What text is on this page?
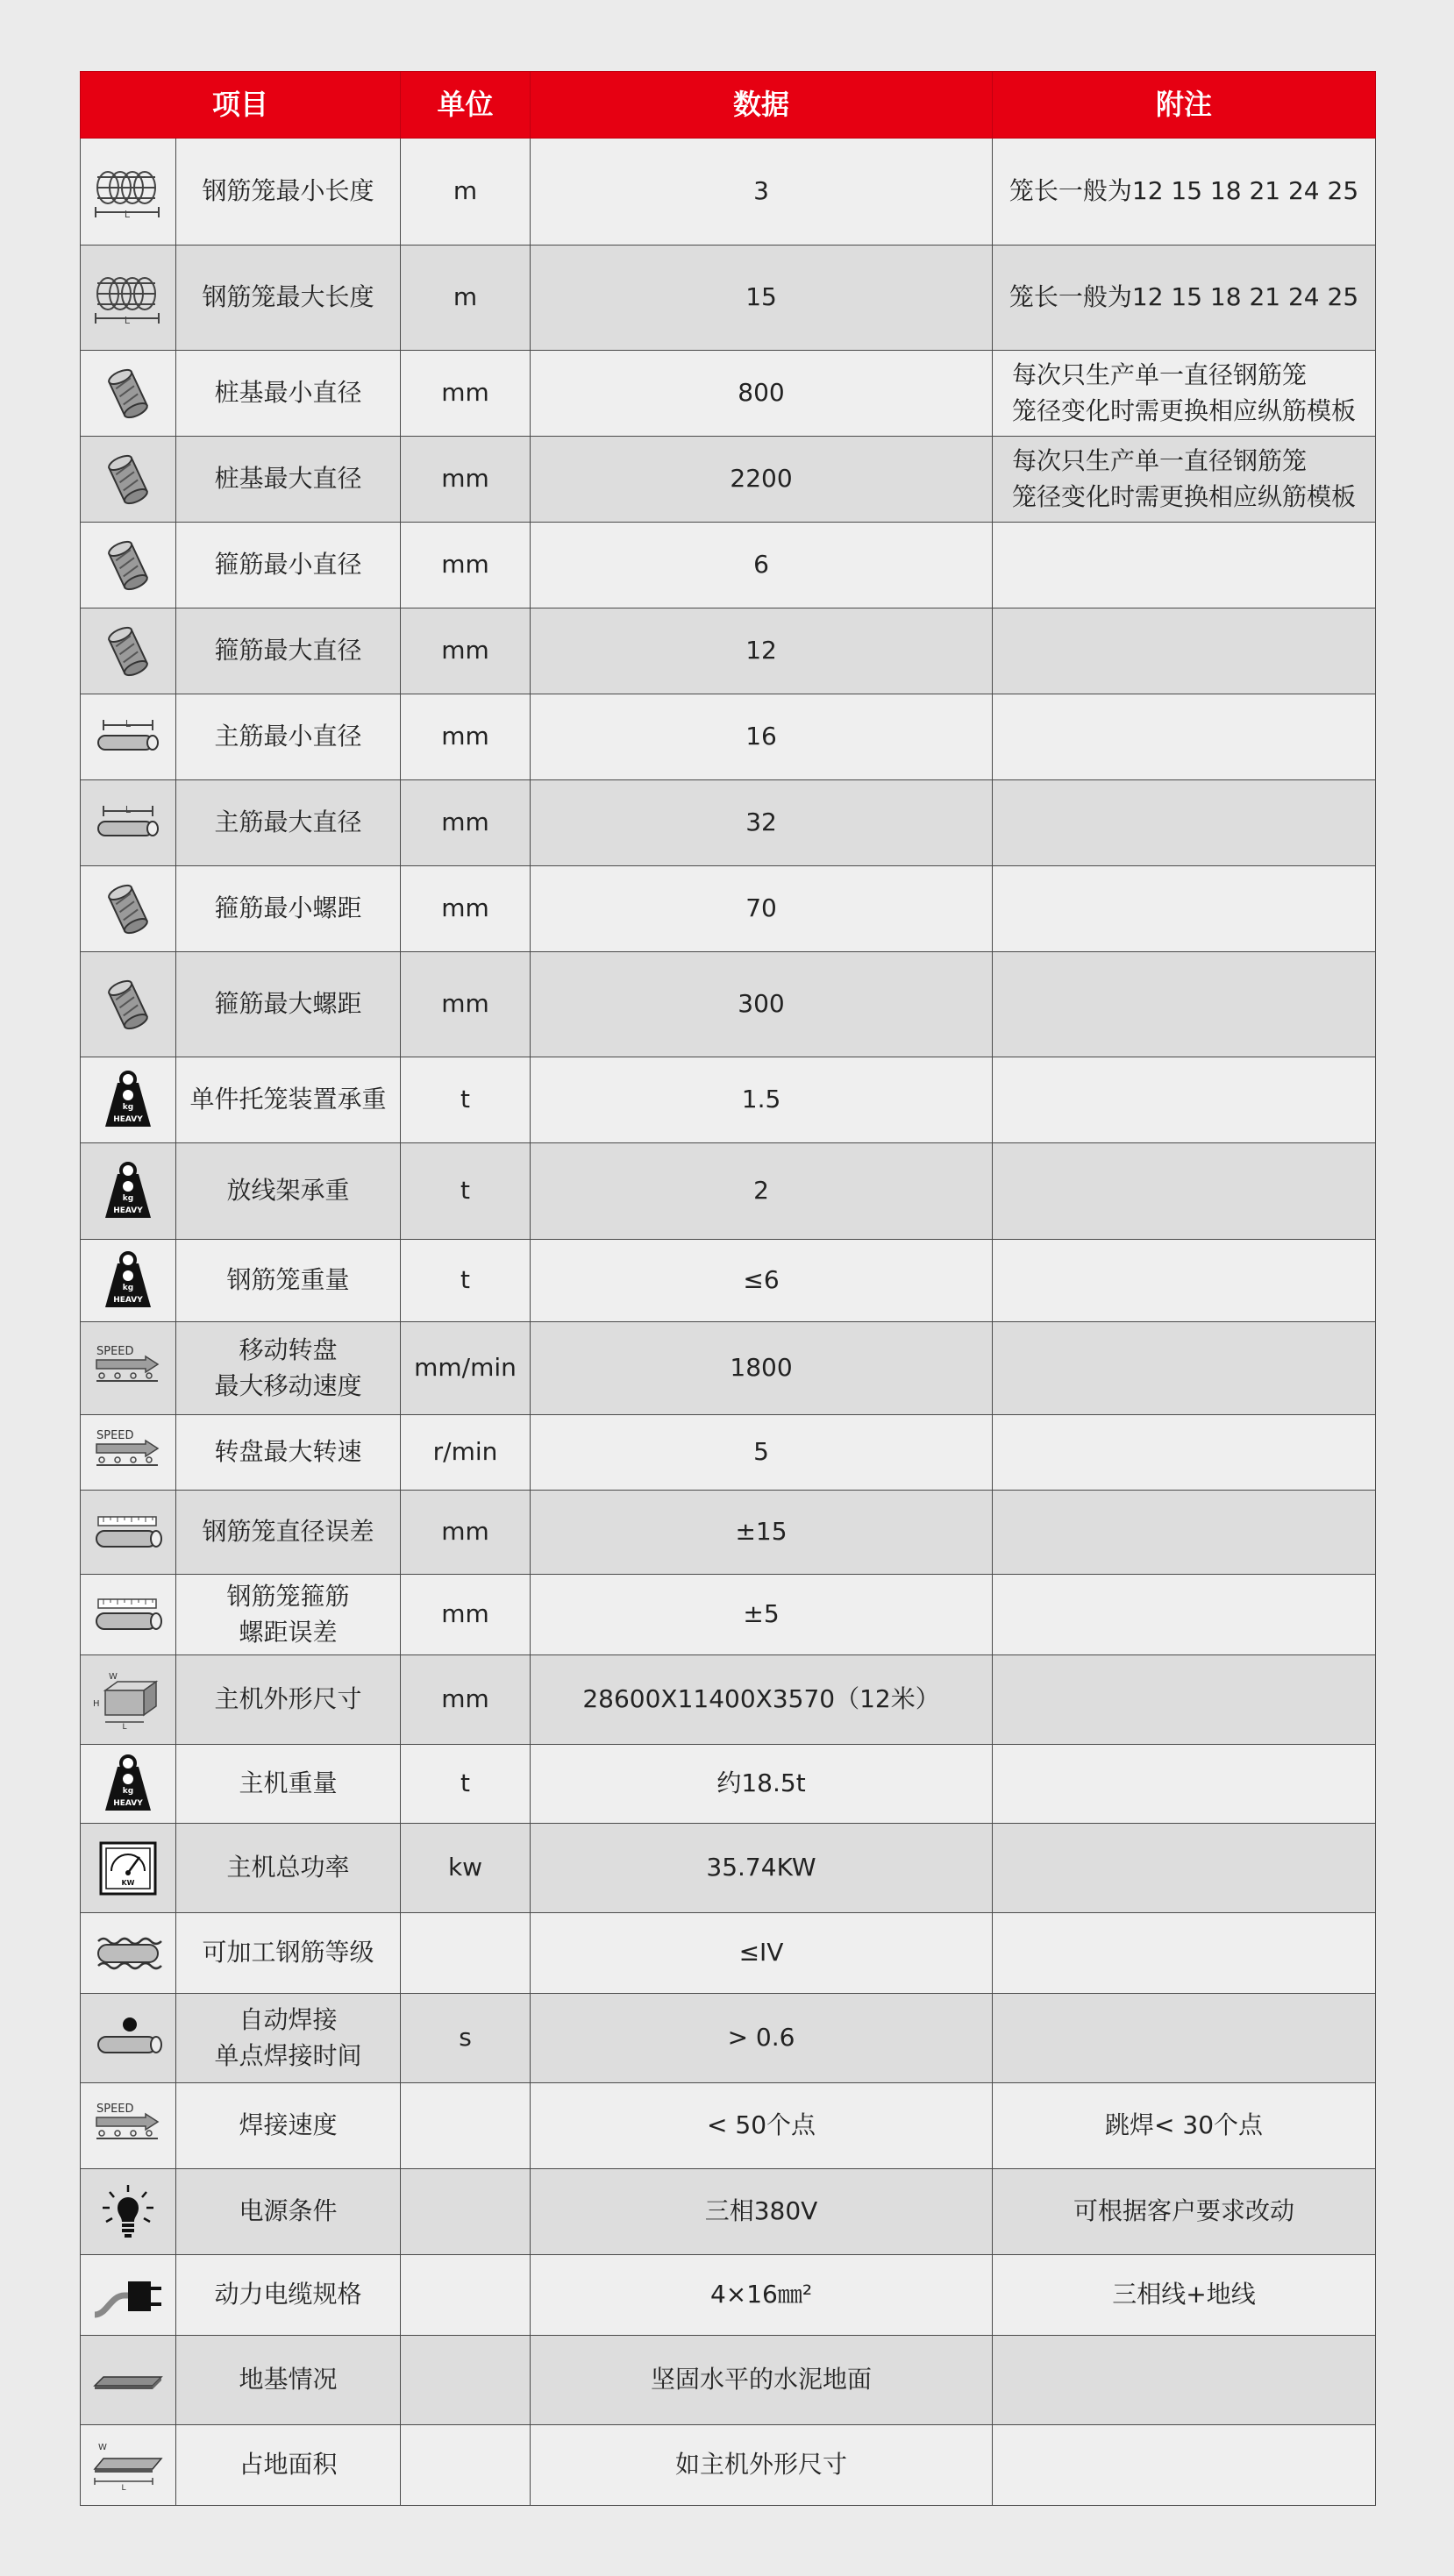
项目		单位	数据	附注

L	钢筋笼最小长度	m	3	笼长一般为12 15 18 21 24 25

L	钢筋笼最大长度	m	15	笼长一般为12 15 18 21 24 25

	桩基最小直径	mm	800	每次只生产单一直径钢筋笼
笼径变化时需更换相应纵筋模板

	桩基最大直径	mm	2200	每次只生产单一直径钢筋笼
笼径变化时需更换相应纵筋模板

	箍筋最小直径	mm	6	

	箍筋最大直径	mm	12	

L	主筋最小直径	mm	16	

L	主筋最大直径	mm	32	

	箍筋最小螺距	mm	70	

	箍筋最大螺距	mm	300	

kg
HEAVY	单件托笼装置承重	t	1.5	

kg
HEAVY	放线架承重	t	2	

kg
HEAVY	钢筋笼重量	t	≤6	

SPEED	移动转盘
最大移动速度	mm/min	1800	

SPEED	转盘最大转速	r/min	5	

	钢筋笼直径误差	mm	±15	

钢筋笼箍筋
螺距误差	mm	±5	

W
H
L	主机外形尺寸	mm	28600X11400X3570（12米）	

kg
HEAVY	主机重量	t	约18.5t	

KW	主机总功率	kw	35.74KW	

	可加工钢筋等级		≤IV	

自动焊接
单点焊接时间	s	> 0.6	

SPEED	焊接速度		< 50个点	跳焊< 30个点

	电源条件		三相380V	可根据客户要求改动

	动力电缆规格		4×16㎜²	三相线+地线

	地基情况		坚固水平的水泥地面	

W
L	占地面积		如主机外形尺寸	
